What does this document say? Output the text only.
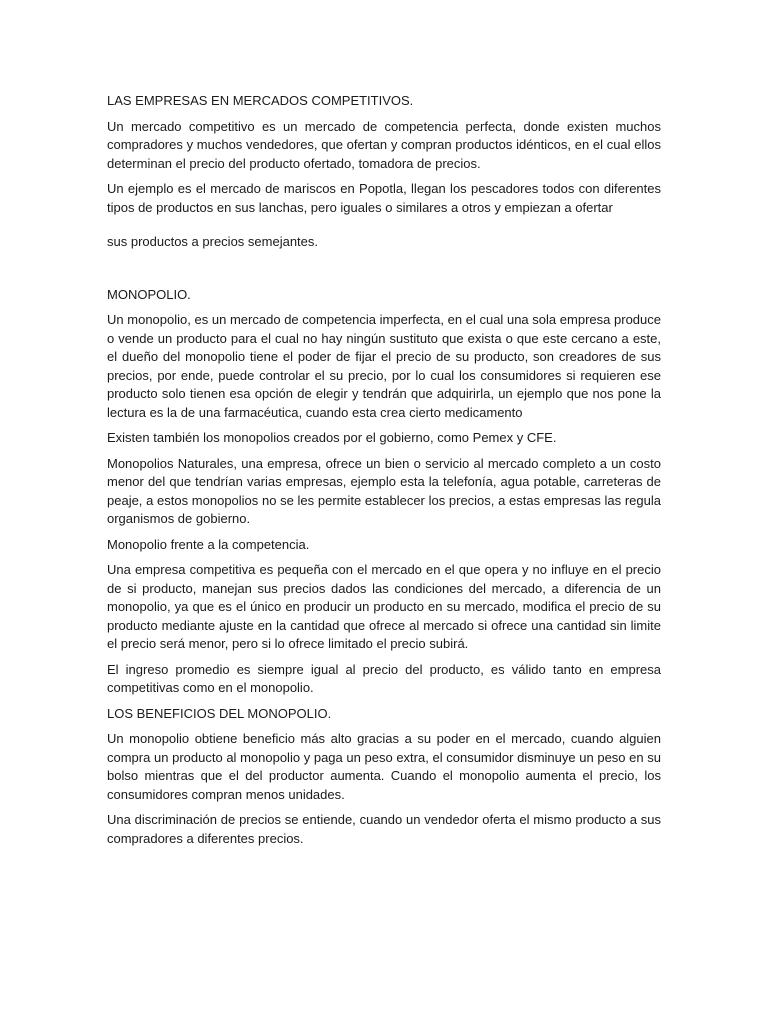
LAS EMPRESAS EN MERCADOS COMPETITIVOS.

Un mercado competitivo es un mercado de competencia perfecta, donde existen muchos compradores y muchos vendedores, que ofertan y compran productos idénticos, en el cual ellos determinan el precio del producto ofertado, tomadora de precios.

Un ejemplo es el mercado de mariscos en Popotla, llegan los pescadores todos con diferentes tipos de productos en sus lanchas, pero iguales o similares a otros y empiezan a ofertar

sus productos a precios semejantes.

MONOPOLIO.

Un monopolio, es un mercado de competencia imperfecta, en el cual una sola empresa produce o vende un producto para el cual no hay ningún sustituto que exista o que este cercano a este, el dueño del monopolio tiene el poder de fijar el precio de su producto, son creadores de sus precios, por ende, puede controlar el su precio, por lo cual los consumidores si requieren ese producto solo tienen esa opción de elegir y tendrán que adquirirla, un ejemplo que nos pone la lectura es la de una farmacéutica, cuando esta crea cierto medicamento

Existen también los monopolios creados por el gobierno, como Pemex y CFE.

Monopolios Naturales, una empresa, ofrece un bien o servicio al mercado completo a un costo menor del que tendrían varias empresas, ejemplo esta la telefonía, agua potable, carreteras de peaje, a estos monopolios no se les permite establecer los precios, a estas empresas las regula organismos de gobierno.

Monopolio frente a la competencia.

Una empresa competitiva es pequeña con el mercado en el que opera y no influye en el precio de si producto, manejan sus precios dados las condiciones del mercado, a diferencia de un monopolio, ya que es el único en producir un producto en su mercado, modifica el precio de su producto mediante ajuste en la cantidad que ofrece al mercado si ofrece una cantidad sin limite el precio será menor, pero si lo ofrece limitado el precio subirá.

El ingreso promedio es siempre igual al precio del producto, es válido tanto en empresa competitivas como en el monopolio.

LOS BENEFICIOS DEL MONOPOLIO.

Un monopolio obtiene beneficio más alto gracias a su poder en el mercado, cuando alguien compra un producto al monopolio y paga un peso extra, el consumidor disminuye un peso en su bolso mientras que el del productor aumenta. Cuando el monopolio aumenta el precio, los consumidores compran menos unidades.

Una discriminación de precios se entiende, cuando un vendedor oferta el mismo producto a sus compradores a diferentes precios.
